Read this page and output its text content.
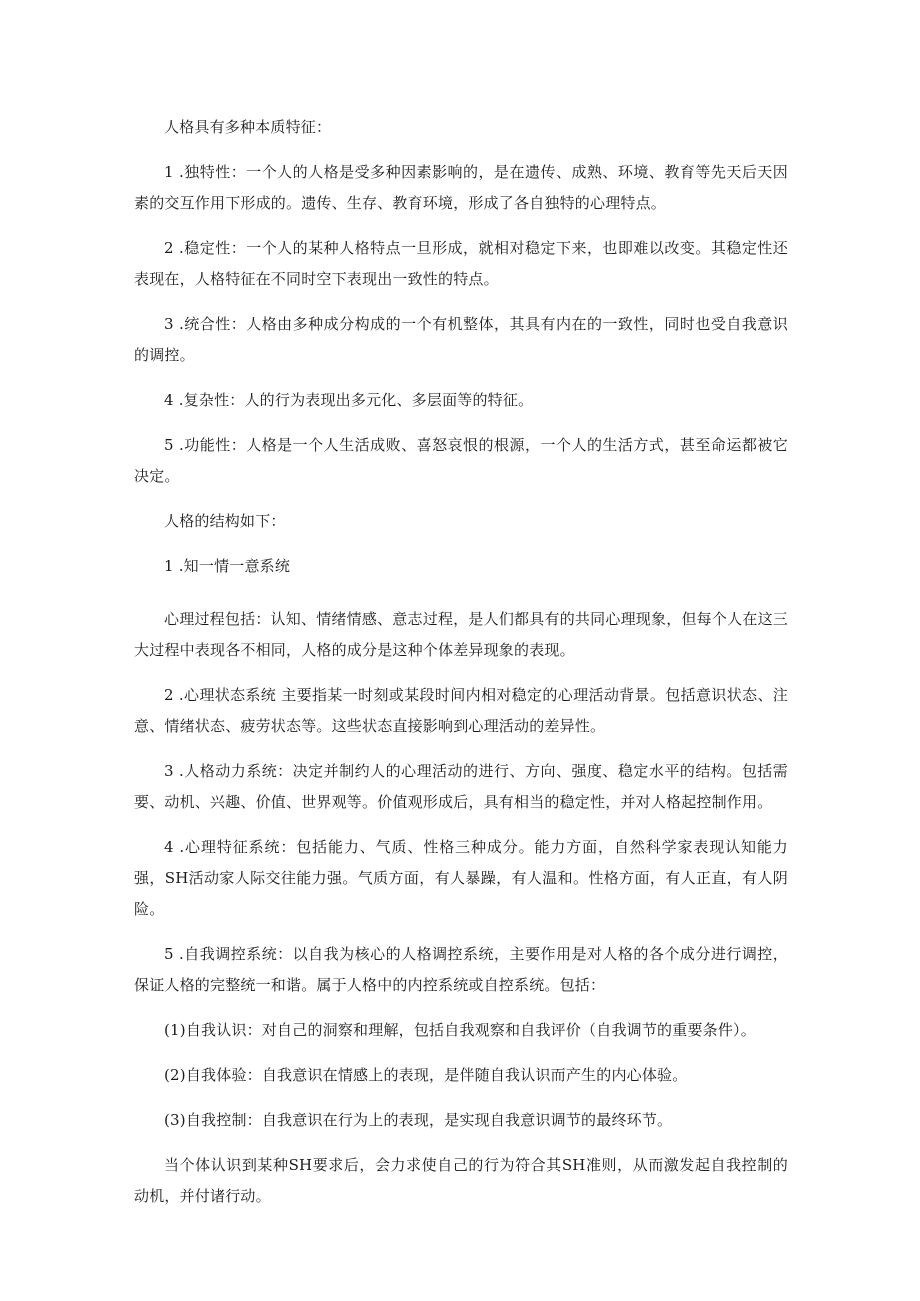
人格具有多种本质特征：

1 .独特性：一个人的人格是受多种因素影响的，是在遗传、成熟、环境、教育等先天后天因素的交互作用下形成的。遗传、生存、教育环境，形成了各自独特的心理特点。

2 .稳定性：一个人的某种人格特点一旦形成，就相对稳定下来，也即难以改变。其稳定性还表现在，人格特征在不同时空下表现出一致性的特点。

3 .统合性：人格由多种成分构成的一个有机整体，其具有内在的一致性，同时也受自我意识的调控。

4 .复杂性：人的行为表现出多元化、多层面等的特征。

5 .功能性：人格是一个人生活成败、喜怒哀恨的根源，一个人的生活方式，甚至命运都被它决定。

人格的结构如下：

1 .知一情一意系统

心理过程包括：认知、情绪情感、意志过程，是人们都具有的共同心理现象，但每个人在这三大过程中表现各不相同，人格的成分是这种个体差异现象的表现。

2 .心理状态系统 主要指某一时刻或某段时间内相对稳定的心理活动背景。包括意识状态、注意、情绪状态、疲劳状态等。这些状态直接影响到心理活动的差异性。

3 .人格动力系统：决定并制约人的心理活动的进行、方向、强度、稳定水平的结构。包括需要、动机、兴趣、价值、世界观等。价值观形成后，具有相当的稳定性，并对人格起控制作用。

4 .心理特征系统：包括能力、气质、性格三种成分。能力方面，自然科学家表现认知能力强，SH活动家人际交往能力强。气质方面，有人暴躁，有人温和。性格方面，有人正直，有人阴险。

5 .自我调控系统：以自我为核心的人格调控系统，主要作用是对人格的各个成分进行调控，保证人格的完整统一和谐。属于人格中的内控系统或自控系统。包括：

(1)自我认识：对自己的洞察和理解，包括自我观察和自我评价（自我调节的重要条件）。

(2)自我体验：自我意识在情感上的表现，是伴随自我认识而产生的内心体验。

(3)自我控制：自我意识在行为上的表现，是实现自我意识调节的最终环节。

当个体认识到某种SH要求后，会力求使自己的行为符合其SH准则，从而激发起自我控制的动机，并付诸行动。
